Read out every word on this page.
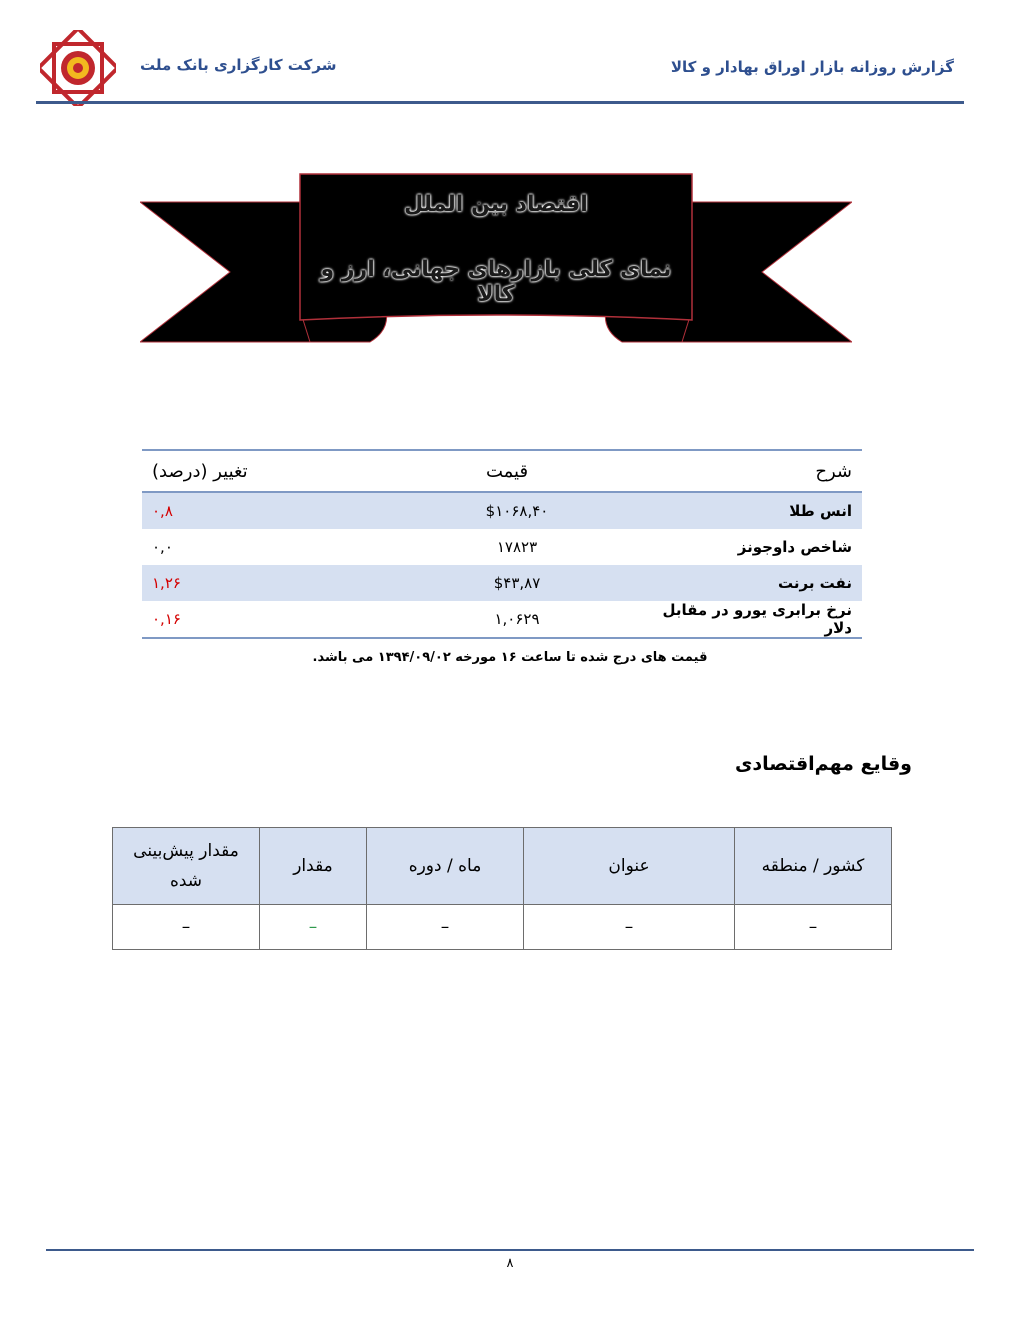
شرکت کارگزاری بانک ملت	گزارش روزانه بازار اوراق بهادار و کالا
اقتصاد بین الملل
نمای کلی بازارهای جهانی، ارز و کالا
شرح	قیمت	تغییر (درصد)
انس طلا	$۱۰۶۸,۴۰	۰,۸
شاخص داوجونز	۱۷۸۲۳	۰,۰
نفت برنت	$۴۳,۸۷	۱,۲۶
نرخ برابری یورو در مقابل دلار	۱,۰۶۲۹	۰,۱۶
قیمت های درج شده تا ساعت ۱۶ مورخه ۱۳۹۴/۰۹/۰۲ می باشد.
وقایع مهم‌اقتصادی
کشور / منطقه	عنوان	ماه / دوره	مقدار	مقدار پیش‌بینی شده
–	–	–	–	–
۸
